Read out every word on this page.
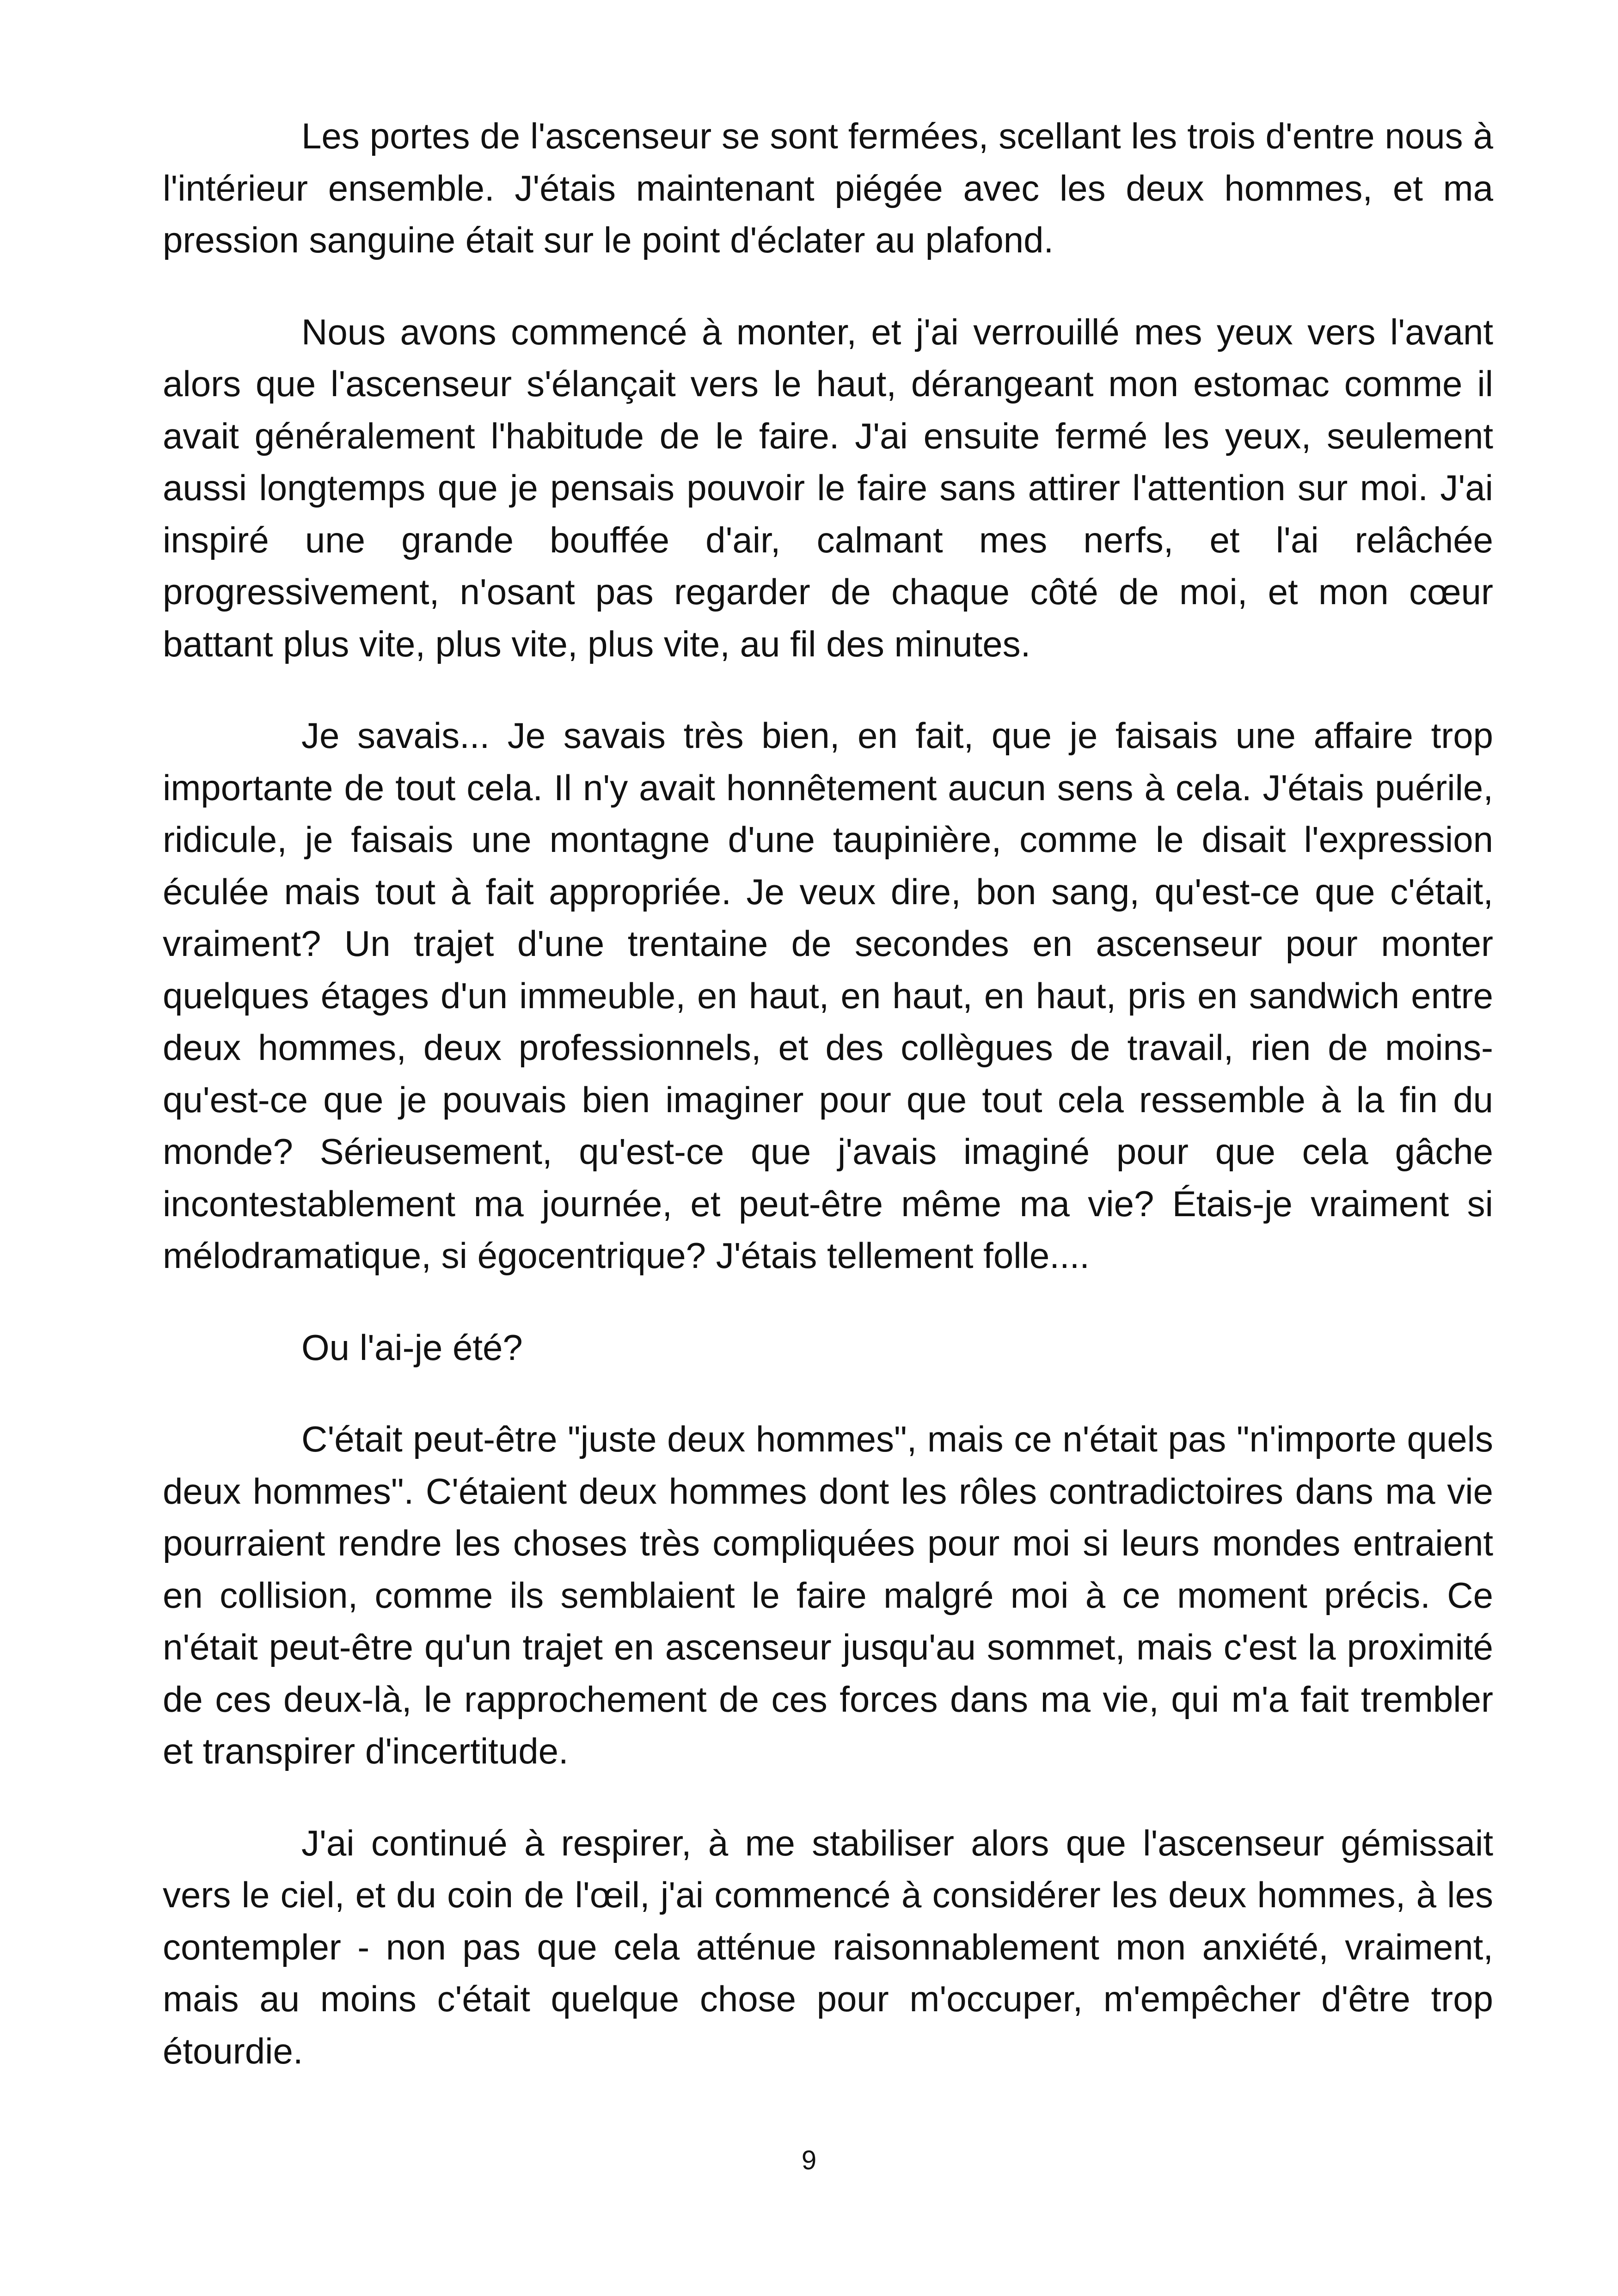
Les portes de l'ascenseur se sont fermées, scellant les trois d'entre nous à l'intérieur ensemble. J'étais maintenant piégée avec les deux hommes, et ma pression sanguine était sur le point d'éclater au plafond.

Nous avons commencé à monter, et j'ai verrouillé mes yeux vers l'avant alors que l'ascenseur s'élançait vers le haut, dérangeant mon estomac comme il avait généralement l'habitude de le faire. J'ai ensuite fermé les yeux, seulement aussi longtemps que je pensais pouvoir le faire sans attirer l'attention sur moi. J'ai inspiré une grande bouffée d'air, calmant mes nerfs, et l'ai relâchée progressivement, n'osant pas regarder de chaque côté de moi, et mon cœur battant plus vite, plus vite, plus vite, au fil des minutes.

Je savais... Je savais très bien, en fait, que je faisais une affaire trop importante de tout cela. Il n'y avait honnêtement aucun sens à cela. J'étais puérile, ridicule, je faisais une montagne d'une taupinière, comme le disait l'expression éculée mais tout à fait appropriée. Je veux dire, bon sang, qu'est-ce que c'était, vraiment? Un trajet d'une trentaine de secondes en ascenseur pour monter quelques étages d'un immeuble, en haut, en haut, en haut, pris en sandwich entre deux hommes, deux professionnels, et des collègues de travail, rien de moins- qu'est-ce que je pouvais bien imaginer pour que tout cela ressemble à la fin du monde? Sérieusement, qu'est-ce que j'avais imaginé pour que cela gâche incontestablement ma journée, et peut-être même ma vie? Étais-je vraiment si mélodramatique, si égocentrique? J'étais tellement folle....

Ou l'ai-je été?

C'était peut-être "juste deux hommes", mais ce n'était pas "n'importe quels deux hommes". C'étaient deux hommes dont les rôles contradictoires dans ma vie pourraient rendre les choses très compliquées pour moi si leurs mondes entraient en collision, comme ils semblaient le faire malgré moi à ce moment précis. Ce n'était peut-être qu'un trajet en ascenseur jusqu'au sommet, mais c'est la proximité de ces deux-là, le rapprochement de ces forces dans ma vie, qui m'a fait trembler et transpirer d'incertitude.

J'ai continué à respirer, à me stabiliser alors que l'ascenseur gémissait vers le ciel, et du coin de l'œil, j'ai commencé à considérer les deux hommes, à les contempler - non pas que cela atténue raisonnablement mon anxiété, vraiment, mais au moins c'était quelque chose pour m'occuper, m'empêcher d'être trop étourdie.

9
